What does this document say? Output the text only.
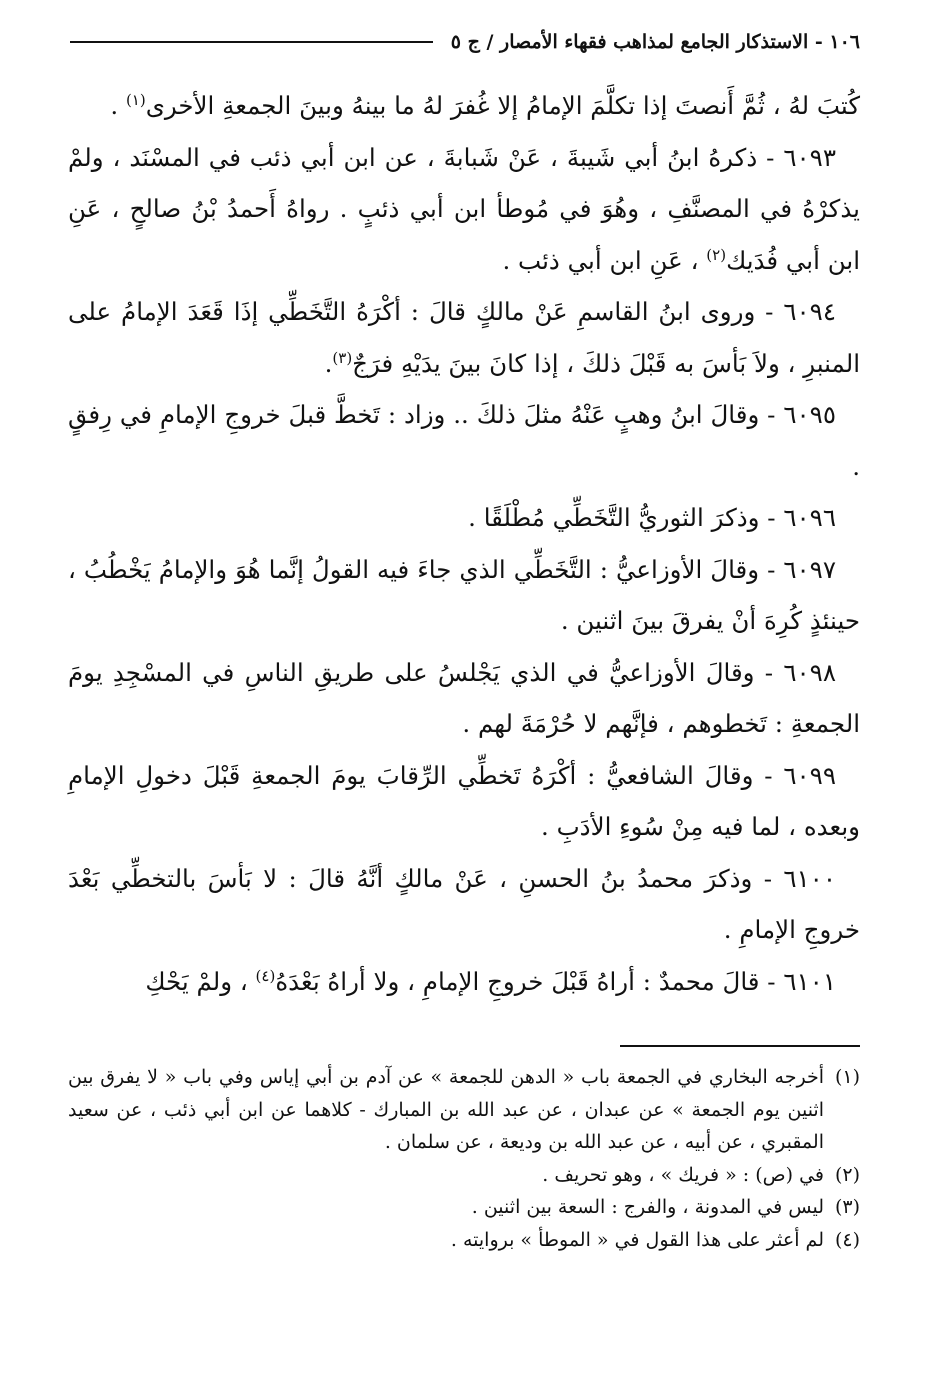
١٠٦ - الاستذكار الجامع لمذاهب فقهاء الأمصار / ج ٥

كُتبَ لهُ ، ثُمَّ أَنصتَ إذا تكلَّمَ الإمامُ إلا غُفرَ لهُ ما بينهُ وبينَ الجمعةِ الأخرى$^{(١)}$ .

٦٠٩٣ - ذكرهُ ابنُ أبي شَيبةَ ، عَنْ شَبابةَ ، عن ابن أبي ذئب في المسْنَد ، ولمْ يذكرْهُ في المصنَّفِ ، وهُوَ في مُوطأ ابن أبي ذئبٍ . رواهُ أَحمدُ بْنُ صالحٍ ، عَنِ ابن أبي فُدَيك$^{(٢)}$ ، عَنِ ابن أبي ذئب .

٦٠٩٤ - وروى ابنُ القاسمِ عَنْ مالكٍ قالَ : أكْرَهُ التَّخَطِّي إذَا قَعَدَ الإمامُ على المنبرِ ، ولاَ بَأسَ به قَبْلَ ذلكَ ، إذا كانَ بينَ يدَيْهِ فرَجٌ$^{(٣)}$.

٦٠٩٥ - وقالَ ابنُ وهبٍ عَنْهُ مثلَ ذلكَ .. وزاد : تَخطَّ قبلَ خروجِ الإمامِ في رِفقٍ .

٦٠٩٦ - وذكرَ الثوريُّ التَّخَطِّي مُطْلَقًا .

٦٠٩٧ - وقالَ الأوزاعيُّ : التَّخَطِّي الذي جاءَ فيه القولُ إنَّما هُوَ والإمامُ يَخْطُبُ ، حينئذٍ كُرِهَ أنْ يفرقَ بينَ اثنين .

٦٠٩٨ - وقالَ الأوزاعيُّ في الذي يَجْلسُ على طريقِ الناسِ في المسْجِدِ يومَ الجمعةِ : تَخطوهم ، فإنَّهم لا حُرْمَةَ لهم .

٦٠٩٩ - وقالَ الشافعيُّ : أكْرَهُ تَخطِّي الرِّقابَ يومَ الجمعةِ قَبْلَ دخولِ الإمامِ وبعده ، لما فيه مِنْ سُوءِ الأدَبِ .

٦١٠٠ - وذكرَ محمدُ بنُ الحسنِ ، عَنْ مالكٍ أنَّهُ قالَ : لا بَأسَ بالتخطِّي بَعْدَ خروجِ الإمامِ .

٦١٠١ - قالَ محمدٌ : أراهُ قَبْلَ خروجِ الإمامِ ، ولا أراهُ بَعْدَهُ$^{(٤)}$ ، ولمْ يَحْكِ

(١)
أخرجه البخاري في الجمعة باب « الدهن للجمعة » عن آدم بن أبي إياس وفي باب « لا يفرق بين اثنين يوم الجمعة » عن عبدان ، عن عبد الله بن المبارك - كلاهما عن ابن أبي ذئب ، عن سعيد المقبري ، عن أبيه ، عن عبد الله بن وديعة ، عن سلمان .

(٢)
في (ص) : « فريك » ، وهو تحريف .

(٣)
ليس في المدونة ، والفرج : السعة بين اثنين .

(٤)
لم أعثر على هذا القول في « الموطأ » بروايته .
